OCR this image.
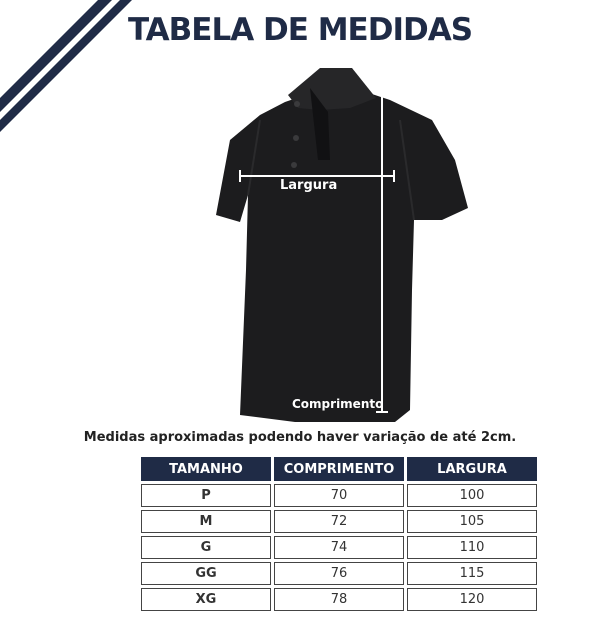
TABELA DE MEDIDAS
Largura
Comprimento
Medidas aproximadas podendo haver variação de até 2cm.
TAMANHO	COMPRIMENTO	LARGURA
P	70	100
M	72	105
G	74	110
GG	76	115
XG	78	120
